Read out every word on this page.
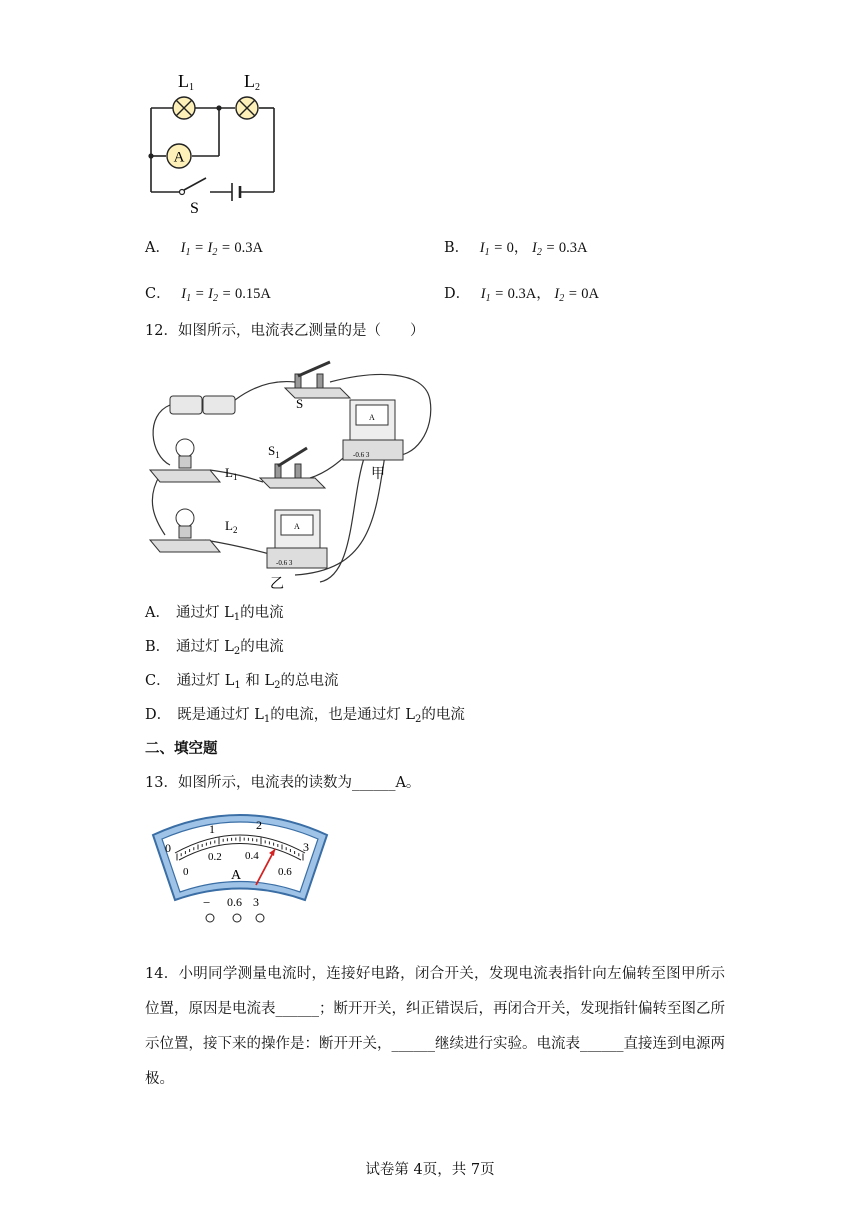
A
L1	L2
S
A． $I_1 = I_2 = 0.3A$	B． $I_1 = 0$， $I_2 = 0.3A$
C． $I_1 = I_2 = 0.15A$	D． $I_1 = 0.3A$， $I_2 = 0A$
12．如图所示，电流表乙测量的是（　　）
S
$S_1$
$L_1$
$L_2$
甲
乙
A
A
-0.6 3
-0.6 3
A． 通过灯 $L_1$的电流
B． 通过灯 $L_2$的电流
C． 通过灯 $L_1$ 和 $L_2$的总电流
D． 既是通过灯 $L_1$的电流，也是通过灯 $L_2$的电流
二、填空题
13．如图所示，电流表的读数为______A。
0
1	2
3
0
0.2 0.4
0.6
A
− 0.6 3
14．小明同学测量电流时，连接好电路，闭合开关，发现电流表指针向左偏转至图甲所示位置，原因是电流表______；断开开关，纠正错误后，再闭合开关，发现指针偏转至图乙所示位置，接下来的操作是：断开开关，______继续进行实验。电流表______直接连到电源两极。
试卷第 4页，共 7页
